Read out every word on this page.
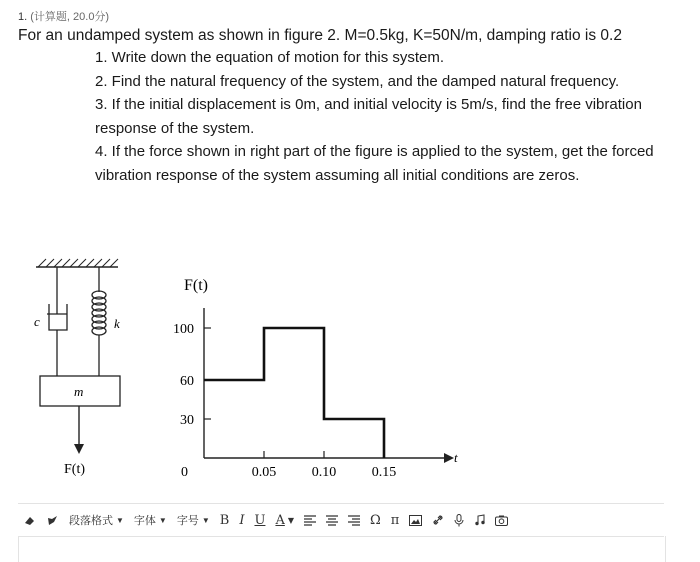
1. (计算题, 20.0分)
For an undamped system as shown in figure 2. M=0.5kg, K=50N/m, damping ratio is 0.2
1. Write down the equation of motion for this system.
2. Find the natural frequency of the system, and the damped natural frequency.
3. If the initial displacement is 0m, and initial velocity is 5m/s, find the free vibration response of the system.
4. If the force shown in right part of the figure is applied to the system, get the forced vibration response of the system assuming all initial conditions are zeros.
c	k
m
F(t)
F(t)
t
0
100
60
30
0.05	0.10	0.15
段落格式 ▼ 字体 ▼ 字号 ▼ B I U A ▼	Ω π
